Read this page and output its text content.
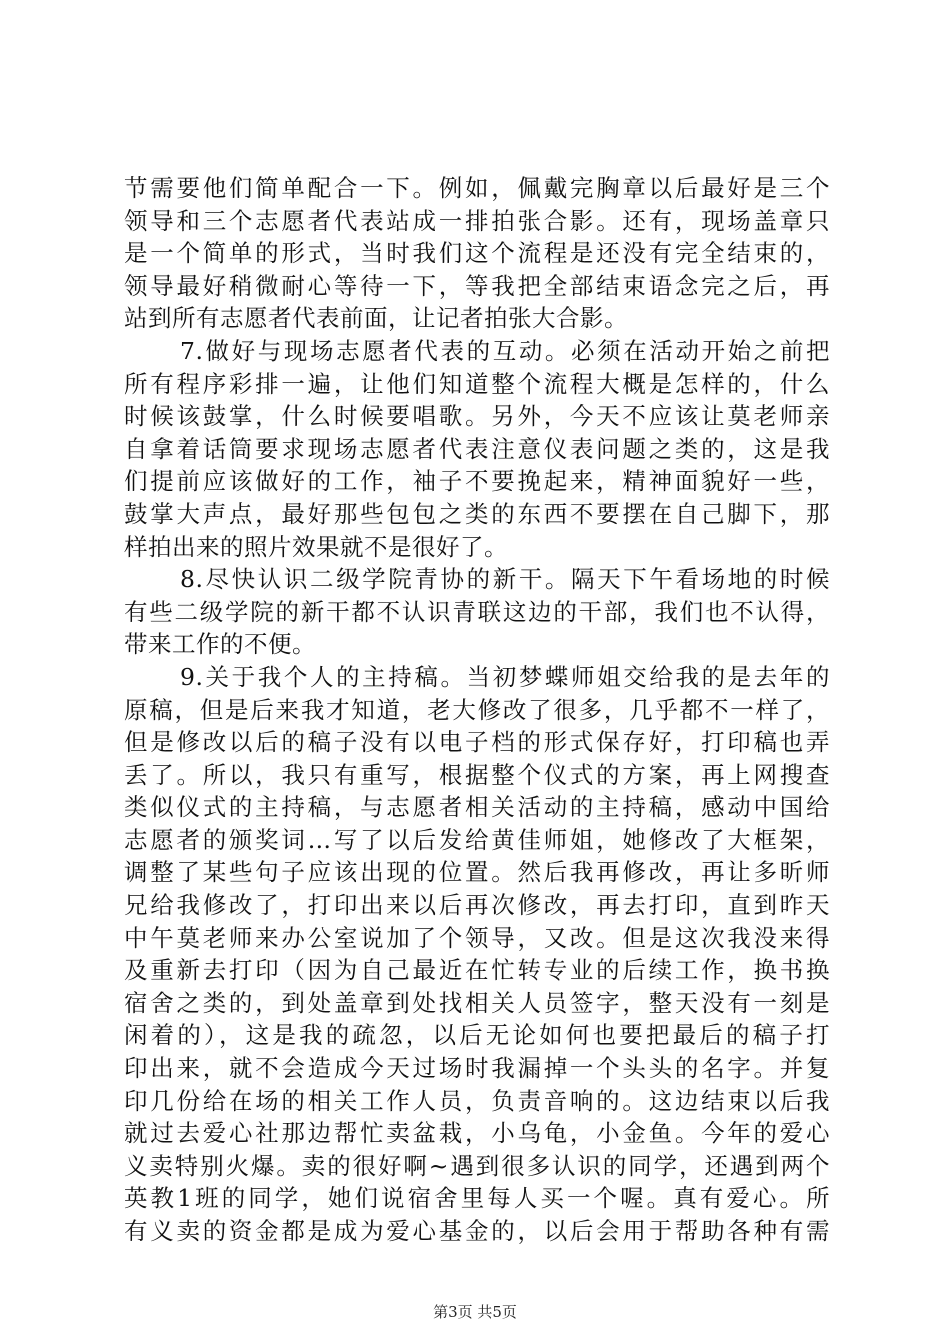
节需要他们简单配合一下。例如，佩戴完胸章以后最好是三个
领导和三个志愿者代表站成一排拍张合影。还有，现场盖章只
是一个简单的形式，当时我们这个流程是还没有完全结束的，
领导最好稍微耐心等待一下，等我把全部结束语念完之后，再
站到所有志愿者代表前面，让记者拍张大合影。
7.做好与现场志愿者代表的互动。必须在活动开始之前把
所有程序彩排一遍，让他们知道整个流程大概是怎样的，什么
时候该鼓掌，什么时候要唱歌。另外，今天不应该让莫老师亲
自拿着话筒要求现场志愿者代表注意仪表问题之类的，这是我
们提前应该做好的工作，袖子不要挽起来，精神面貌好一些，
鼓掌大声点，最好那些包包之类的东西不要摆在自己脚下，那
样拍出来的照片效果就不是很好了。
8.尽快认识二级学院青协的新干。隔天下午看场地的时候
有些二级学院的新干都不认识青联这边的干部，我们也不认得，
带来工作的不便。
9.关于我个人的主持稿。当初梦蝶师姐交给我的是去年的
原稿，但是后来我才知道，老大修改了很多，几乎都不一样了，
但是修改以后的稿子没有以电子档的形式保存好，打印稿也弄
丢了。所以，我只有重写，根据整个仪式的方案，再上网搜查
类似仪式的主持稿，与志愿者相关活动的主持稿，感动中国给
志愿者的颁奖词…写了以后发给黄佳师姐，她修改了大框架，
调整了某些句子应该出现的位置。然后我再修改，再让多昕师
兄给我修改了，打印出来以后再次修改，再去打印，直到昨天
中午莫老师来办公室说加了个领导，又改。但是这次我没来得
及重新去打印（因为自己最近在忙转专业的后续工作，换书换
宿舍之类的，到处盖章到处找相关人员签字，整天没有一刻是
闲着的），这是我的疏忽，以后无论如何也要把最后的稿子打
印出来，就不会造成今天过场时我漏掉一个头头的名字。并复
印几份给在场的相关工作人员，负责音响的。这边结束以后我
就过去爱心社那边帮忙卖盆栽，小乌龟，小金鱼。今年的爱心
义卖特别火爆。卖的很好啊~遇到很多认识的同学，还遇到两个
英教1班的同学，她们说宿舍里每人买一个喔。真有爱心。所
有义卖的资金都是成为爱心基金的，以后会用于帮助各种有需
第3页 共5页
